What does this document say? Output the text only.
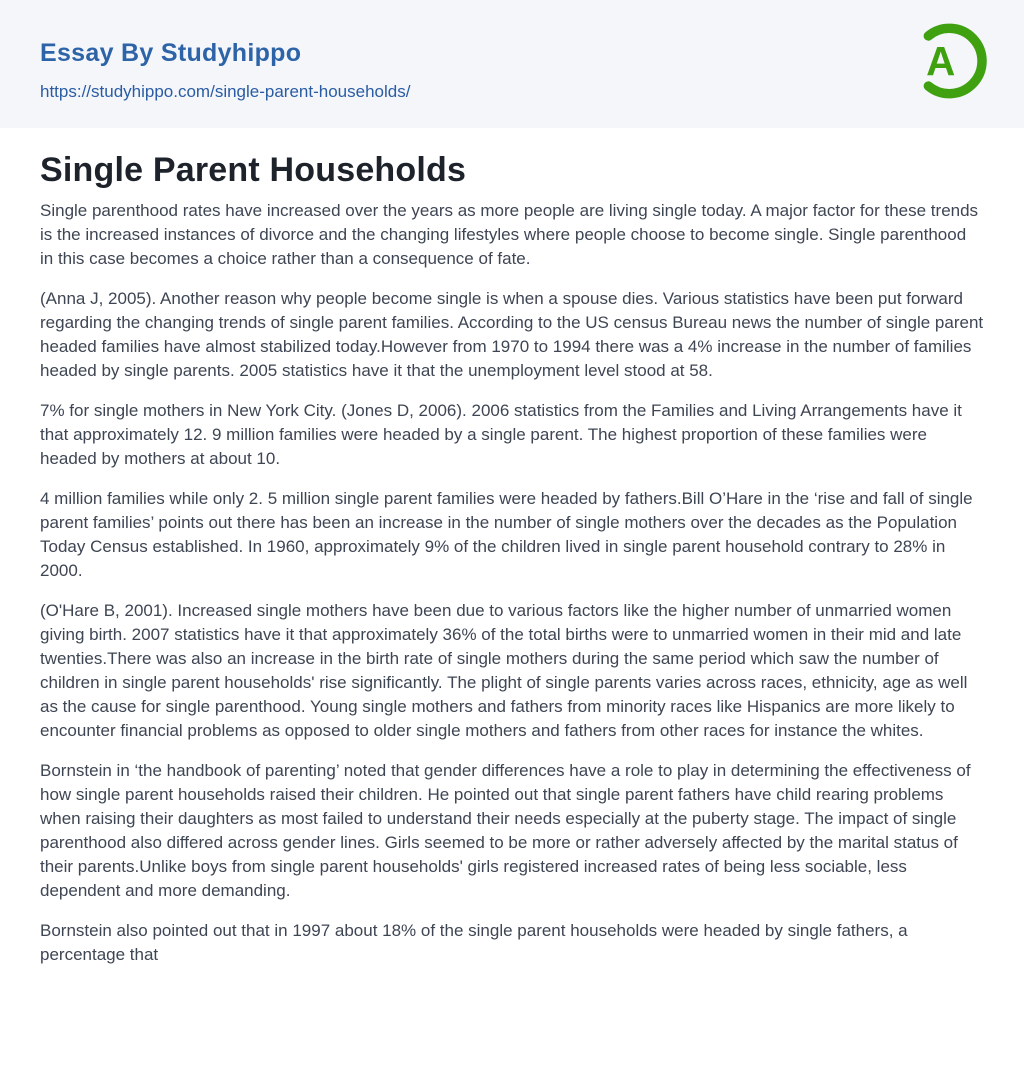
Essay By Studyhippo
https://studyhippo.com/single-parent-households/
A
Single Parent Households

Single parenthood rates have increased over the years as more people are living single today. A major factor for these trends is the increased instances of divorce and the changing lifestyles where people choose to become single. Single parenthood in this case becomes a choice rather than a consequence of fate.

(Anna J, 2005). Another reason why people become single is when a spouse dies. Various statistics have been put forward regarding the changing trends of single parent families. According to the US census Bureau news the number of single parent headed families have almost stabilized today.However from 1970 to 1994 there was a 4% increase in the number of families headed by single parents. 2005 statistics have it that the unemployment level stood at 58.

7% for single mothers in New York City. (Jones D, 2006). 2006 statistics from the Families and Living Arrangements have it that approximately 12. 9 million families were headed by a single parent. The highest proportion of these families were headed by mothers at about 10.

4 million families while only 2. 5 million single parent families were headed by fathers.Bill O’Hare in the ‘rise and fall of single parent families’ points out there has been an increase in the number of single mothers over the decades as the Population Today Census established. In 1960, approximately 9% of the children lived in single parent household contrary to 28% in 2000.

(O'Hare B, 2001). Increased single mothers have been due to various factors like the higher number of unmarried women giving birth. 2007 statistics have it that approximately 36% of the total births were to unmarried women in their mid and late twenties.There was also an increase in the birth rate of single mothers during the same period which saw the number of children in single parent households' rise significantly. The plight of single parents varies across races, ethnicity, age as well as the cause for single parenthood. Young single mothers and fathers from minority races like Hispanics are more likely to encounter financial problems as opposed to older single mothers and fathers from other races for instance the whites.

Bornstein in ‘the handbook of parenting’ noted that gender differences have a role to play in determining the effectiveness of how single parent households raised their children. He pointed out that single parent fathers have child rearing problems when raising their daughters as most failed to understand their needs especially at the puberty stage. The impact of single parenthood also differed across gender lines. Girls seemed to be more or rather adversely affected by the marital status of their parents.Unlike boys from single parent households' girls registered increased rates of being less sociable, less dependent and more demanding.

Bornstein also pointed out that in 1997 about 18% of the single parent households were headed by single fathers, a percentage that
